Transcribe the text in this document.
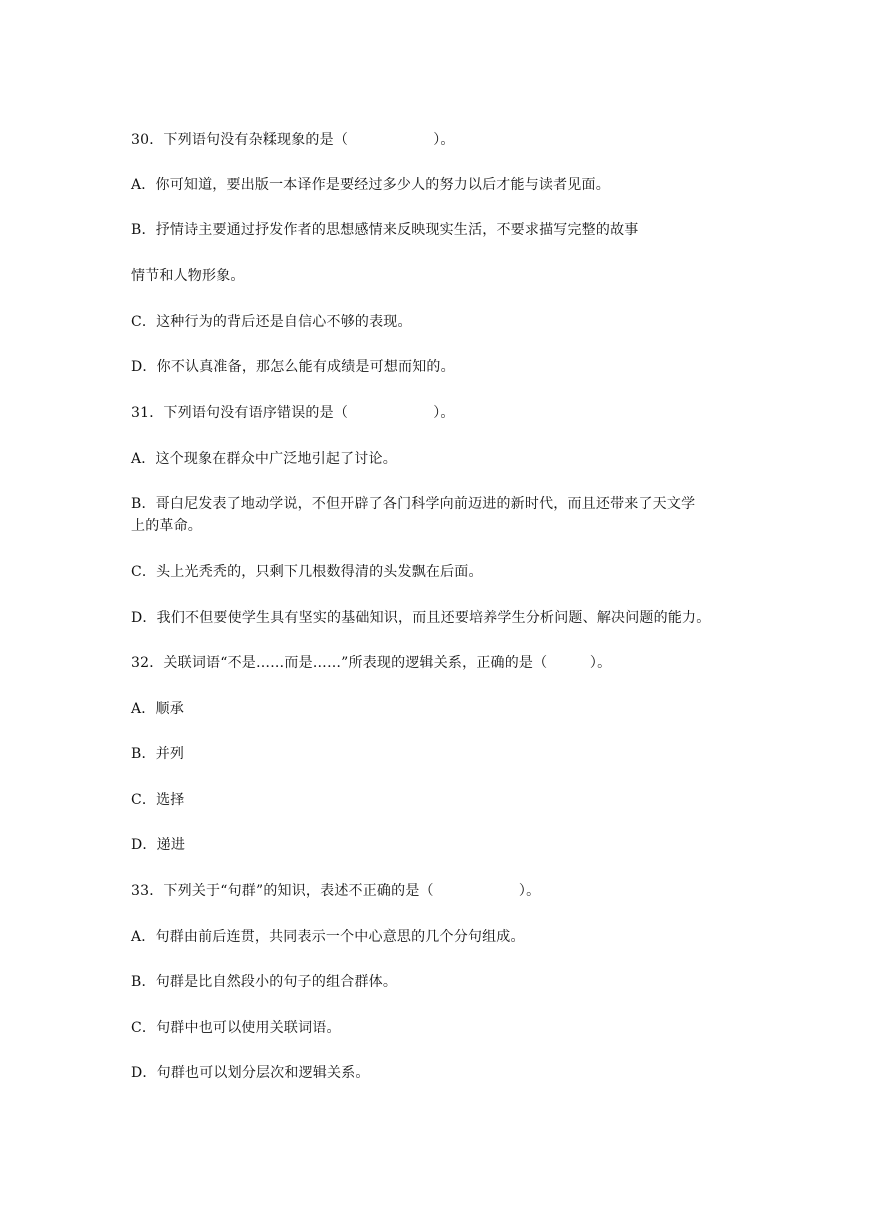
30．下列语句没有杂糅现象的是（　　　　　　）。
A．你可知道，要出版一本译作是要经过多少人的努力以后才能与读者见面。
B．抒情诗主要通过抒发作者的思想感情来反映现实生活，不要求描写完整的故事
情节和人物形象。
C．这种行为的背后还是自信心不够的表现。
D．你不认真准备，那怎么能有成绩是可想而知的。
31．下列语句没有语序错误的是（　　　　　　）。
A．这个现象在群众中广泛地引起了讨论。
B．哥白尼发表了地动学说，不但开辟了各门科学向前迈进的新时代，而且还带来了天文学
上的革命。
C．头上光秃秃的，只剩下几根数得清的头发飘在后面。
D．我们不但要使学生具有坚实的基础知识，而且还要培养学生分析问题、解决问题的能力。
32．关联词语“不是……而是……”所表现的逻辑关系，正确的是（　　　）。
A．顺承
B．并列
C．选择
D．递进
33．下列关于“句群”的知识，表述不正确的是（　　　　　　）。
A．句群由前后连贯，共同表示一个中心意思的几个分句组成。
B．句群是比自然段小的句子的组合群体。
C．句群中也可以使用关联词语。
D．句群也可以划分层次和逻辑关系。
